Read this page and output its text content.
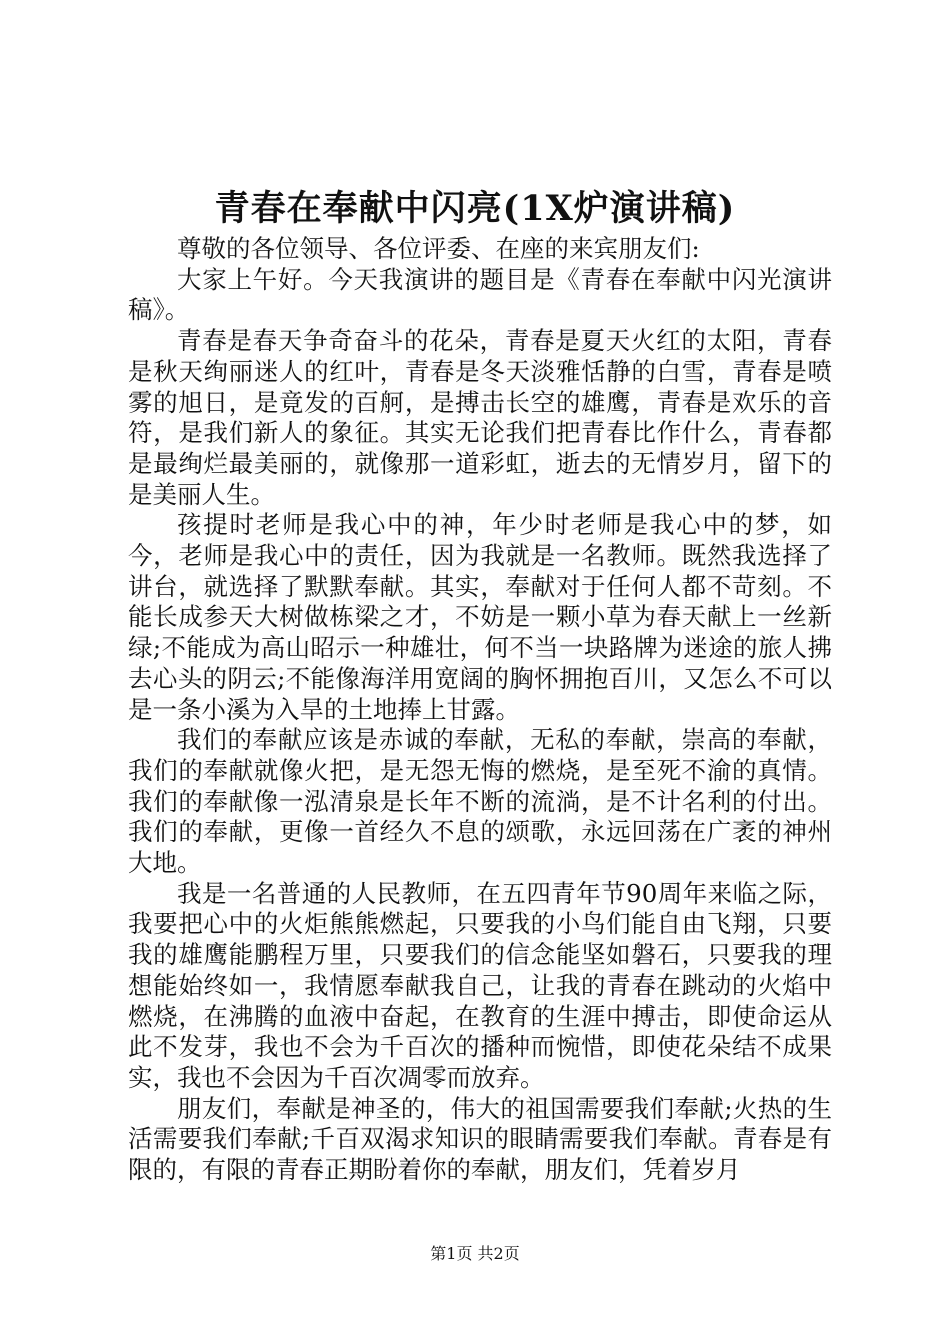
青春在奉献中闪亮(1X炉演讲稿)

尊敬的各位领导、各位评委、在座的来宾朋友们:

大家上午好。今天我演讲的题目是《青春在奉献中闪光演讲稿》。

青春是春天争奇奋斗的花朵，青春是夏天火红的太阳，青春是秋天绚丽迷人的红叶，青春是冬天淡雅恬静的白雪，青春是喷雾的旭日，是竟发的百舸，是搏击长空的雄鹰，青春是欢乐的音符，是我们新人的象征。其实无论我们把青春比作什么，青春都是最绚烂最美丽的，就像那一道彩虹，逝去的无情岁月，留下的是美丽人生。

孩提时老师是我心中的神，年少时老师是我心中的梦，如今，老师是我心中的责任，因为我就是一名教师。既然我选择了讲台，就选择了默默奉献。其实，奉献对于任何人都不苛刻。不能长成参天大树做栋梁之才，不妨是一颗小草为春天献上一丝新绿;不能成为高山昭示一种雄壮，何不当一块路牌为迷途的旅人拂去心头的阴云;不能像海洋用宽阔的胸怀拥抱百川，又怎么不可以是一条小溪为入旱的土地捧上甘露。

我们的奉献应该是赤诚的奉献，无私的奉献，崇高的奉献，我们的奉献就像火把，是无怨无悔的燃烧，是至死不渝的真情。我们的奉献像一泓清泉是长年不断的流淌，是不计名利的付出。我们的奉献，更像一首经久不息的颂歌，永远回荡在广袤的神州大地。

我是一名普通的人民教师，在五四青年节90周年来临之际，我要把心中的火炬熊熊燃起，只要我的小鸟们能自由飞翔，只要我的雄鹰能鹏程万里，只要我们的信念能坚如磐石，只要我的理想能始终如一，我情愿奉献我自己，让我的青春在跳动的火焰中燃烧，在沸腾的血液中奋起，在教育的生涯中搏击，即使命运从此不发芽，我也不会为千百次的播种而惋惜，即使花朵结不成果实，我也不会因为千百次凋零而放弃。

朋友们，奉献是神圣的，伟大的祖国需要我们奉献;火热的生活需要我们奉献;千百双渴求知识的眼睛需要我们奉献。青春是有限的，有限的青春正期盼着你的奉献，朋友们，凭着岁月

第1页 共2页
